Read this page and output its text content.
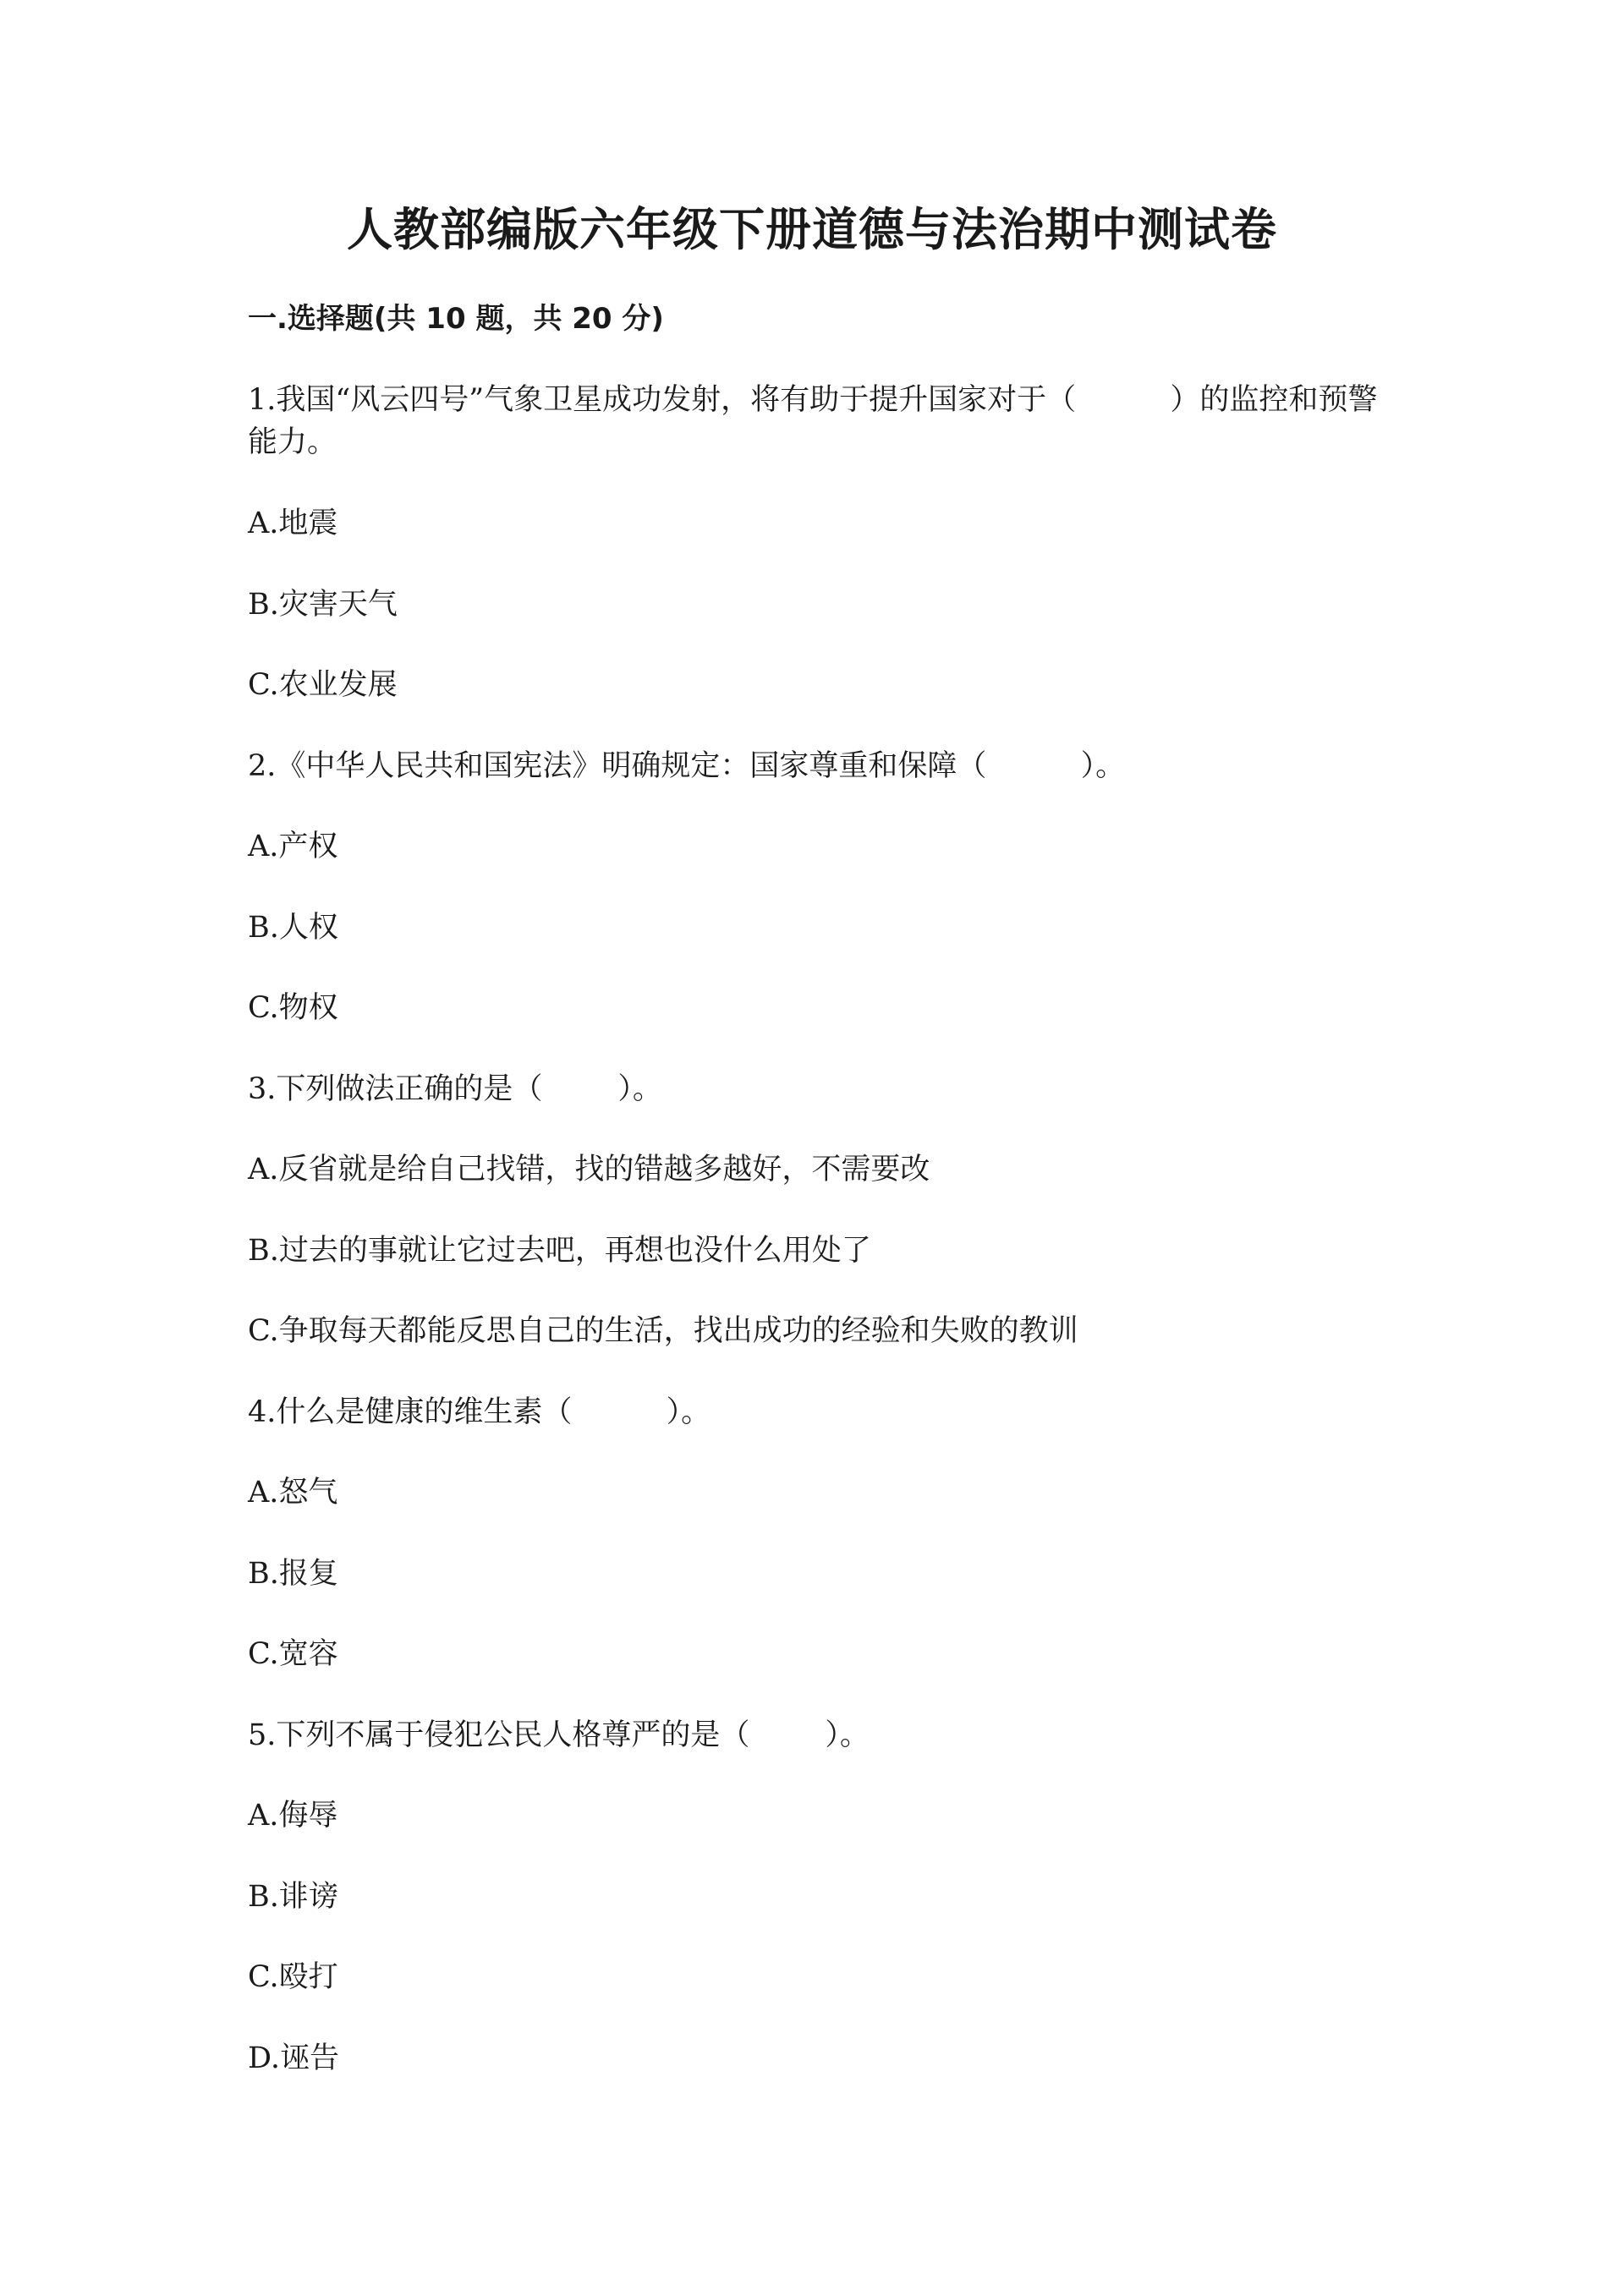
人教部编版六年级下册道德与法治期中测试卷
一.选择题(共 10 题，共 20 分)
1.我国“风云四号”气象卫星成功发射，将有助于提升国家对于（          ）的监控和预警能力。
A.地震
B.灾害天气
C.农业发展
2.《中华人民共和国宪法》明确规定：国家尊重和保障（          ）。
A.产权
B.人权
C.物权
3.下列做法正确的是（        ）。
A.反省就是给自己找错，找的错越多越好，不需要改
B.过去的事就让它过去吧，再想也没什么用处了
C.争取每天都能反思自己的生活，找出成功的经验和失败的教训
4.什么是健康的维生素（          ）。
A.怒气
B.报复
C.宽容
5.下列不属于侵犯公民人格尊严的是（        ）。
A.侮辱
B.诽谤
C.殴打
D.诬告
